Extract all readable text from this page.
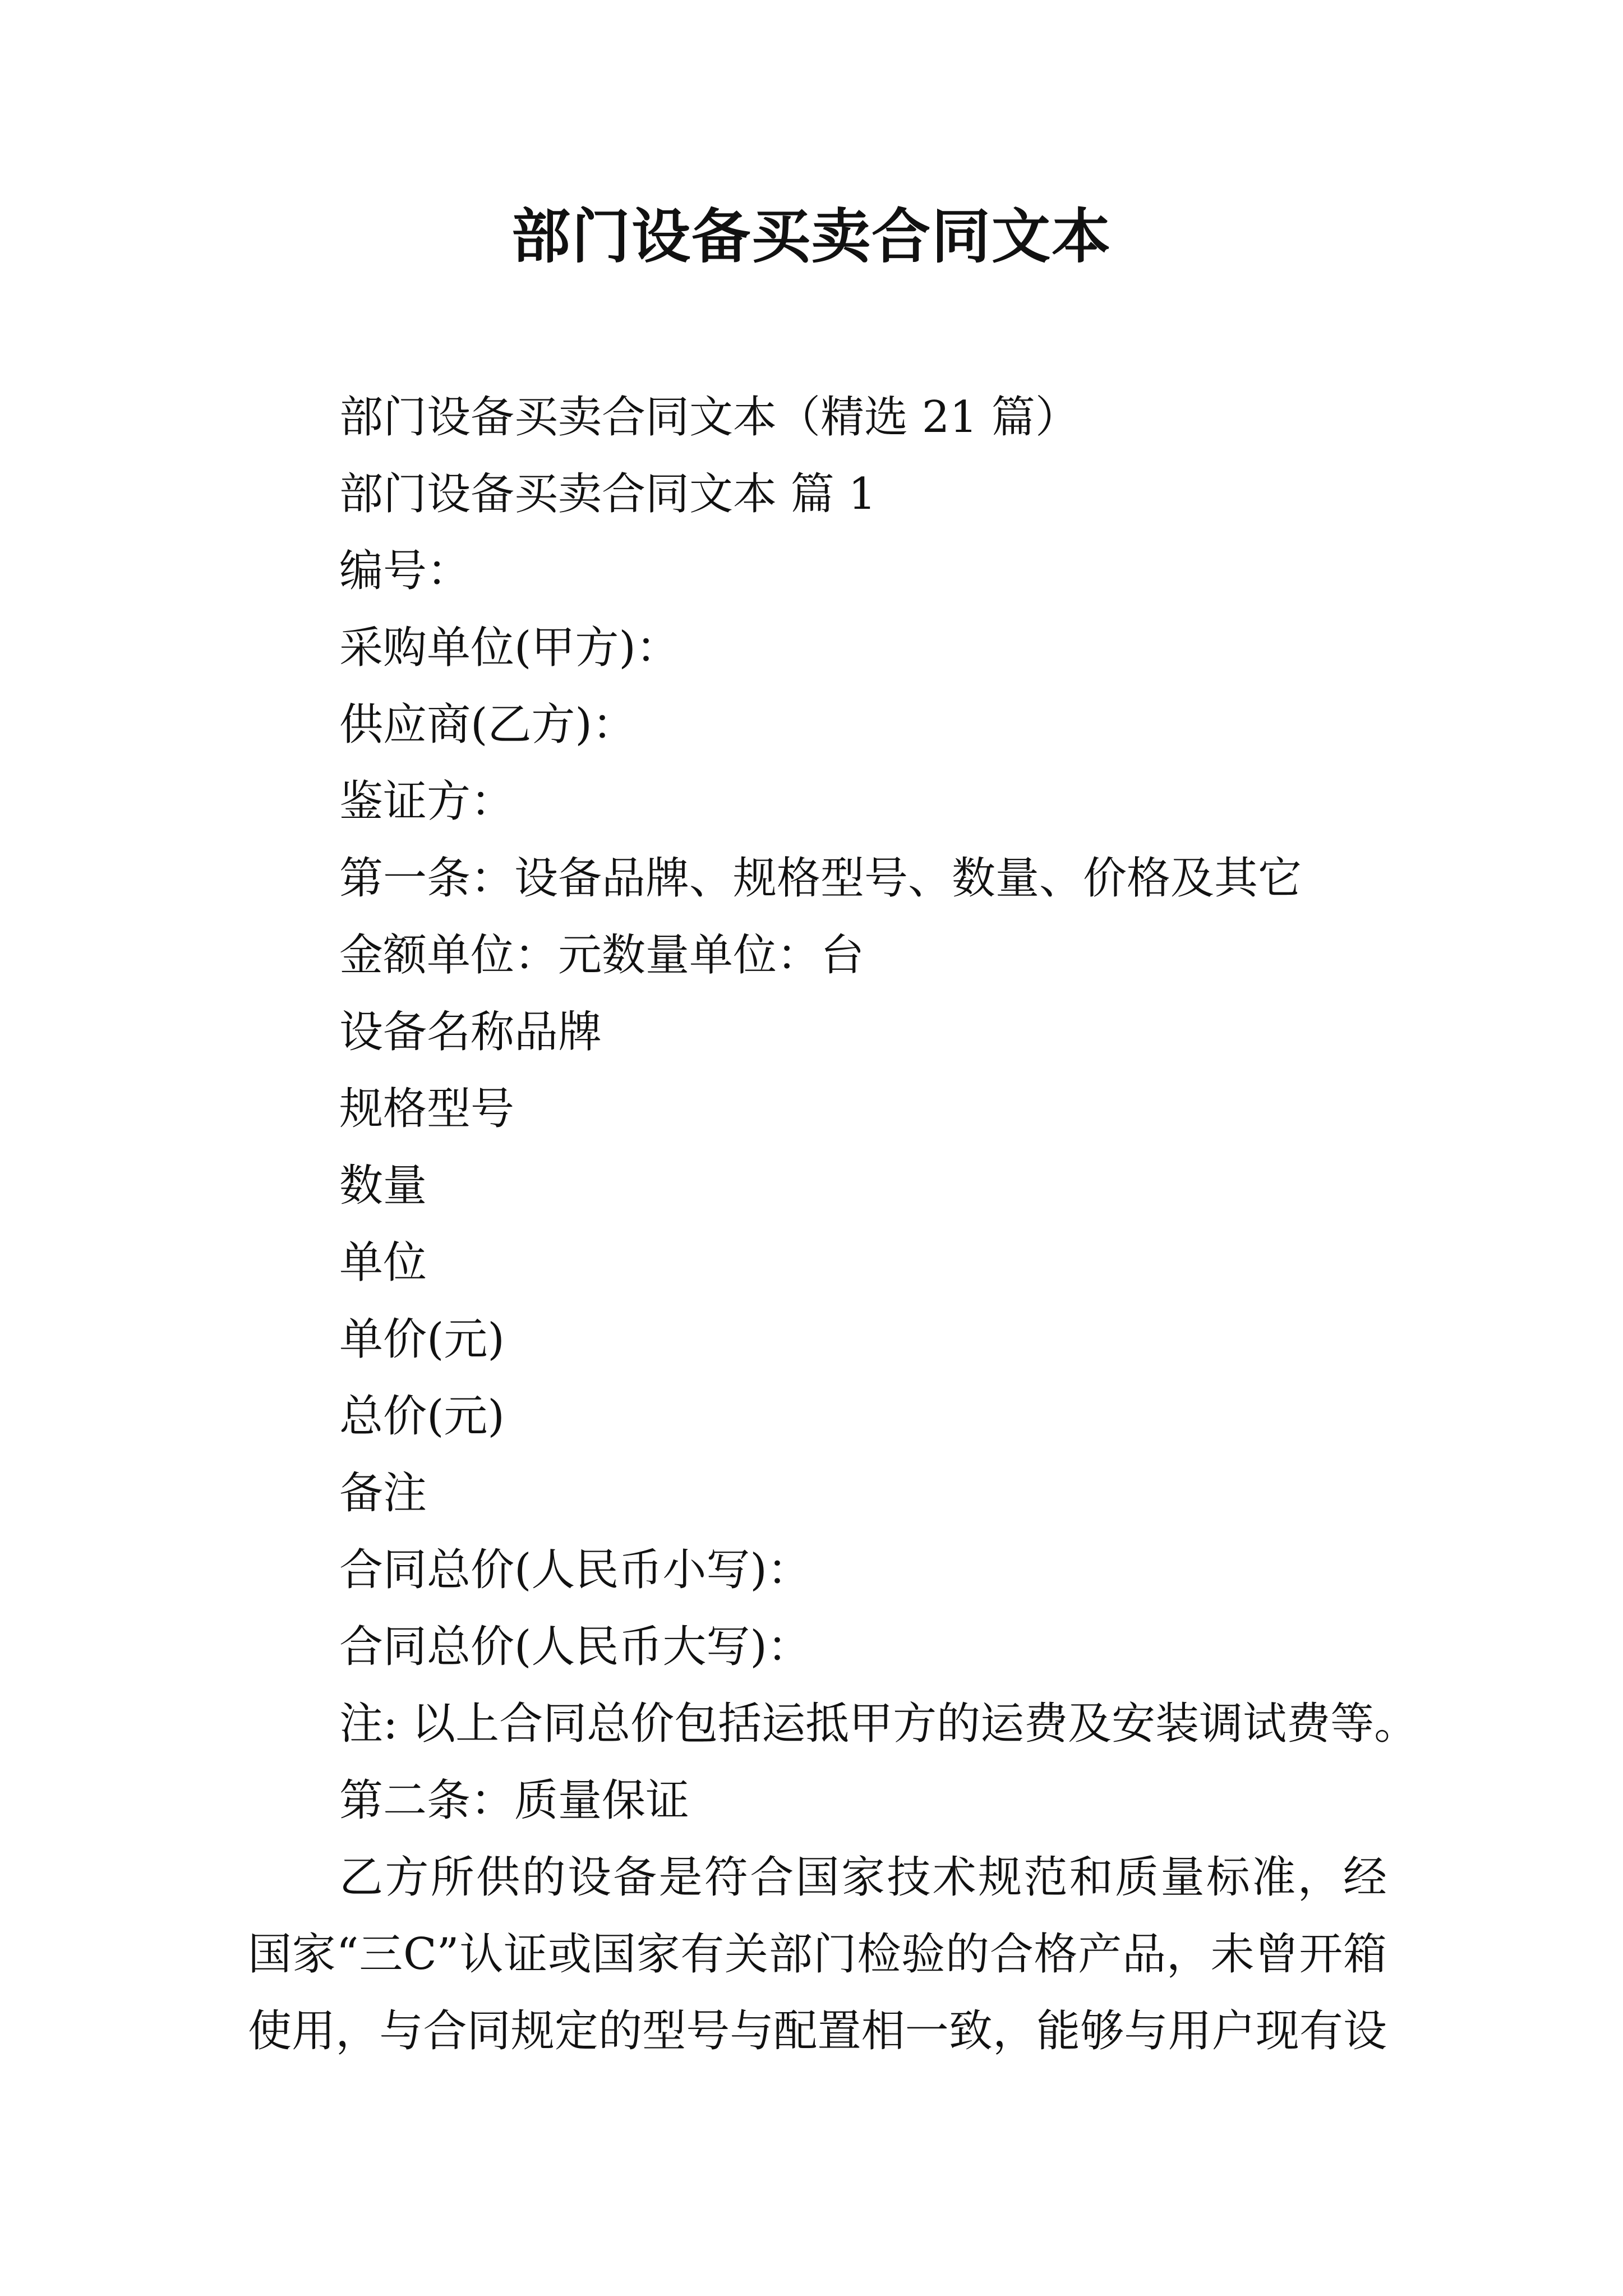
部门设备买卖合同文本
部门设备买卖合同文本（精选 21 篇）
部门设备买卖合同文本 篇 1
编号：
采购单位(甲方)：
供应商(乙方)：
鉴证方：
第一条：设备品牌、规格型号、数量、价格及其它
金额单位：元数量单位：台
设备名称品牌
规格型号
数量
单位
单价(元)
总价(元)
备注
合同总价(人民币小写)：
合同总价(人民币大写)：
注: 以上合同总价包括运抵甲方的运费及安装调试费等。
第二条：质量保证
乙方所供的设备是符合国家技术规范和质量标准，经国家“三C”认证或国家有关部门检验的合格产品，未曾开箱使用，与合同规定的型号与配置相一致，能够与用户现有设
